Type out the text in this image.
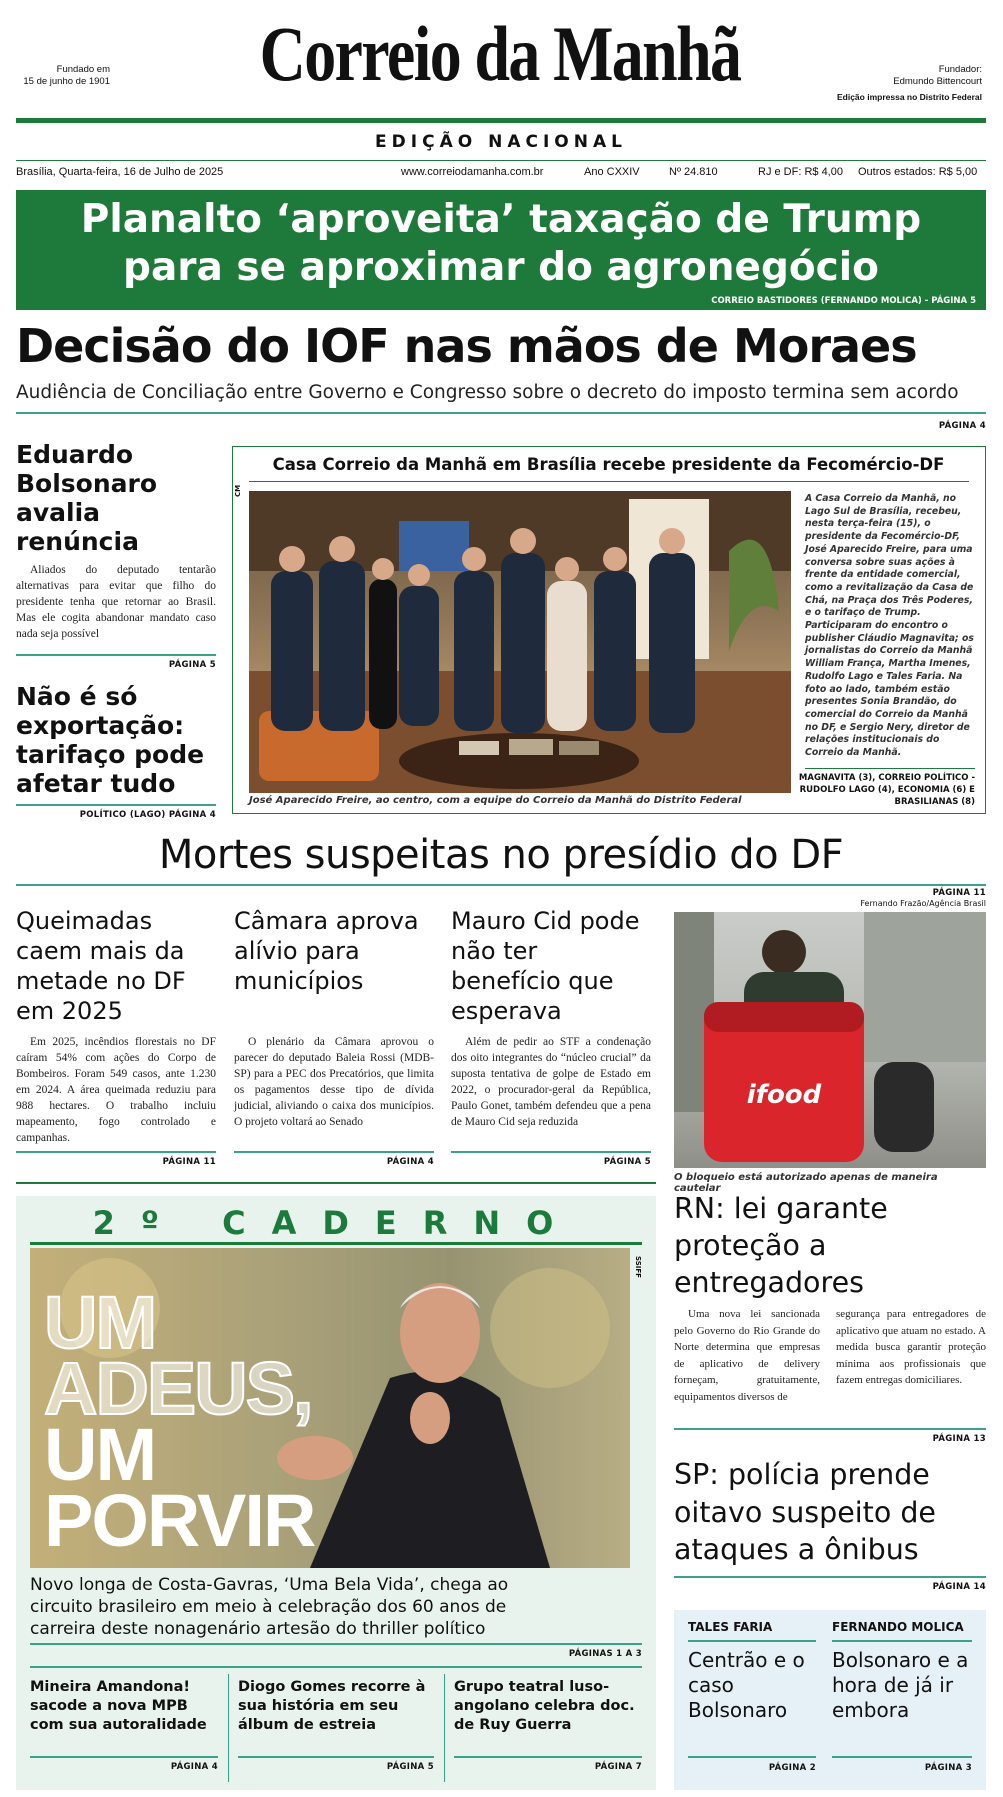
Fundado em
15 de junho de 1901	Correio da Manhã	Fundador:
Edmundo Bittencourt
Edição impressa no Distrito Federal
EDIÇÃO NACIONAL
Brasília, Quarta-feira, 16 de Julho de 2025	www.correiodamanha.com.br	Ano CXXIV	Nº 24.810	RJ e DF: R$ 4,00 Outros estados: R$ 5,00
Planalto ‘aproveita’ taxação de Trump para se aproximar do agronegócio
CORREIO BASTIDORES (FERNANDO MOLICA) - PÁGINA 5
Decisão do IOF nas mãos de Moraes
Audiência de Conciliação entre Governo e Congresso sobre o decreto do imposto termina sem acordo
PÁGINA 4
Eduardo Bolsonaro avalia renúncia
Aliados do deputado tentarão alternativas para evitar que filho do presidente tenha que retornar ao Brasil. Mas ele cogita abandonar mandato caso nada seja possível
PÁGINA 5
Não é só exportação: tarifaço pode afetar tudo
POLÍTICO (LAGO) PÁGINA 4
Casa Correio da Manhã em Brasília recebe presidente da Fecomércio-DF
CM
José Aparecido Freire, ao centro, com a equipe do Correio da Manhã do Distrito Federal
A Casa Correio da Manhã, no Lago Sul de Brasília, recebeu, nesta terça-feira (15), o presidente da Fecomércio-DF, José Aparecido Freire, para uma conversa sobre suas ações à frente da entidade comercial, como a revitalização da Casa de Chá, na Praça dos Três Poderes, e o tarifaço de Trump. Participaram do encontro o publisher Cláudio Magnavita; os jornalistas do Correio da Manhã William França, Martha Imenes, Rudolfo Lago e Tales Faria. Na foto ao lado, também estão presentes Sonia Brandão, do comercial do Correio da Manhã no DF, e Sergio Nery, diretor de relações institucionais do Correio da Manhã.
MAGNAVITA (3), CORREIO POLÍTICO - RUDOLFO LAGO (4), ECONOMIA (6) E BRASILIANAS (8)
Mortes suspeitas no presídio do DF
PÁGINA 11
Queimadas caem mais da metade no DF em 2025
Em 2025, incêndios florestais no DF caíram 54% com ações do Corpo de Bombeiros. Foram 549 casos, ante 1.230 em 2024. A área queimada reduziu para 988 hectares. O trabalho incluiu mapeamento, fogo controlado e campanhas.
PÁGINA 11
Câmara aprova alívio para municípios
O plenário da Câmara aprovou o parecer do deputado Baleia Rossi (MDB-SP) para a PEC dos Precatórios, que limita os pagamentos desse tipo de dívida judicial, aliviando o caixa dos municípios. O projeto voltará ao Senado
PÁGINA 4
Mauro Cid pode não ter benefício que esperava
Além de pedir ao STF a condenação dos oito integrantes do “núcleo crucial” da suposta tentativa de golpe de Estado em 2022, o procurador-geral da República, Paulo Gonet, também defendeu que a pena de Mauro Cid seja reduzida
PÁGINA 5
Fernando Frazão/Agência Brasil
ifood
O bloqueio está autorizado apenas de maneira cautelar
RN: lei garante proteção a entregadores
Uma nova lei sancionada pelo Governo do Rio Grande do Norte determina que empresas de aplicativo de delivery forneçam, gratuitamente, equipamentos diversos de
segurança para entregadores de aplicativo que atuam no estado. A medida busca garantir proteção mínima aos profissionais que fazem entregas domiciliares.
PÁGINA 13
SP: polícia prende oitavo suspeito de ataques a ônibus
PÁGINA 14
TALES FARIA
Centrão e o caso Bolsonaro
PÁGINA 2
FERNANDO MOLICA
Bolsonaro e a hora de já ir embora
PÁGINA 3
2º CADERNO
SSIFF
UM
ADEUS,
UM
PORVIR
Novo longa de Costa-Gavras, ‘Uma Bela Vida’, chega ao circuito brasileiro em meio à celebração dos 60 anos de carreira deste nonagenário artesão do thriller político
PÁGINAS 1 A 3
Mineira Amandona! sacode a nova MPB com sua autoralidade
PÁGINA 4
Diogo Gomes recorre à sua história em seu álbum de estreia
PÁGINA 5
Grupo teatral luso-angolano celebra doc. de Ruy Guerra
PÁGINA 7
